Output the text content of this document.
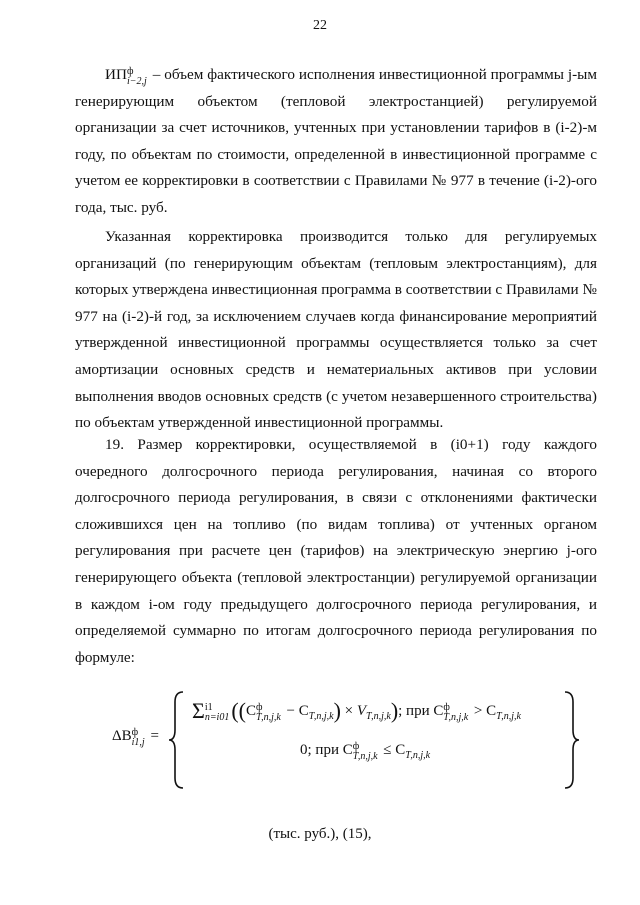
22

ИП ф
i−2,j – объем фактического исполнения инвестиционной программы j-ым генерирующим объектом (тепловой электростанцией) регулируемой организации за счет источников, учтенных при установлении тарифов в (i-2)-м году, по объектам по стоимости, определенной в инвестиционной программе с учетом ее корректировки в соответствии с Правилами № 977 в течение (i-2)-ого года, тыс. руб.

Указанная корректировка производится только для регулируемых организаций (по генерирующим объектам (тепловым электростанциям), для которых утверждена инвестиционная программа в соответствии с Правилами № 977 на (i-2)-й год, за исключением случаев когда финансирование мероприятий утвержденной инвестиционной программы осуществляется только за счет амортизации основных средств и нематериальных активов при условии выполнения вводов основных средств (с учетом незавершенного строительства) по объектам утвержденной инвестиционной программы.

19. Размер корректировки, осуществляемой в (i0+1) году каждого очередного долгосрочного периода регулирования, начиная со второго долгосрочного периода регулирования, в связи с отклонениями фактически сложившихся цен на топливо (по видам топлива) от учтенных органом регулирования при расчете цен (тарифов) на электрическую энергию j-ого генерирующего объекта (тепловой электростанции) регулируемой организации в каждом i-ом году предыдущего долгосрочного периода регулирования, и определяемой суммарно по итогам долгосрочного периода регулирования по формуле:

ΔВ ф
i1,j =
Σ i1
n=i01 ((С ф
$Т,n,j,k - С_{Т,n,j,k}) \times V_{Т,n,j,k}$); при С ф
$Т,n,j,k > С_{Т,n,j,k}$
0; при С ф
$Т,n,j,k \le С_{Т,n,j,k}$
(тыс. руб.), (15),
